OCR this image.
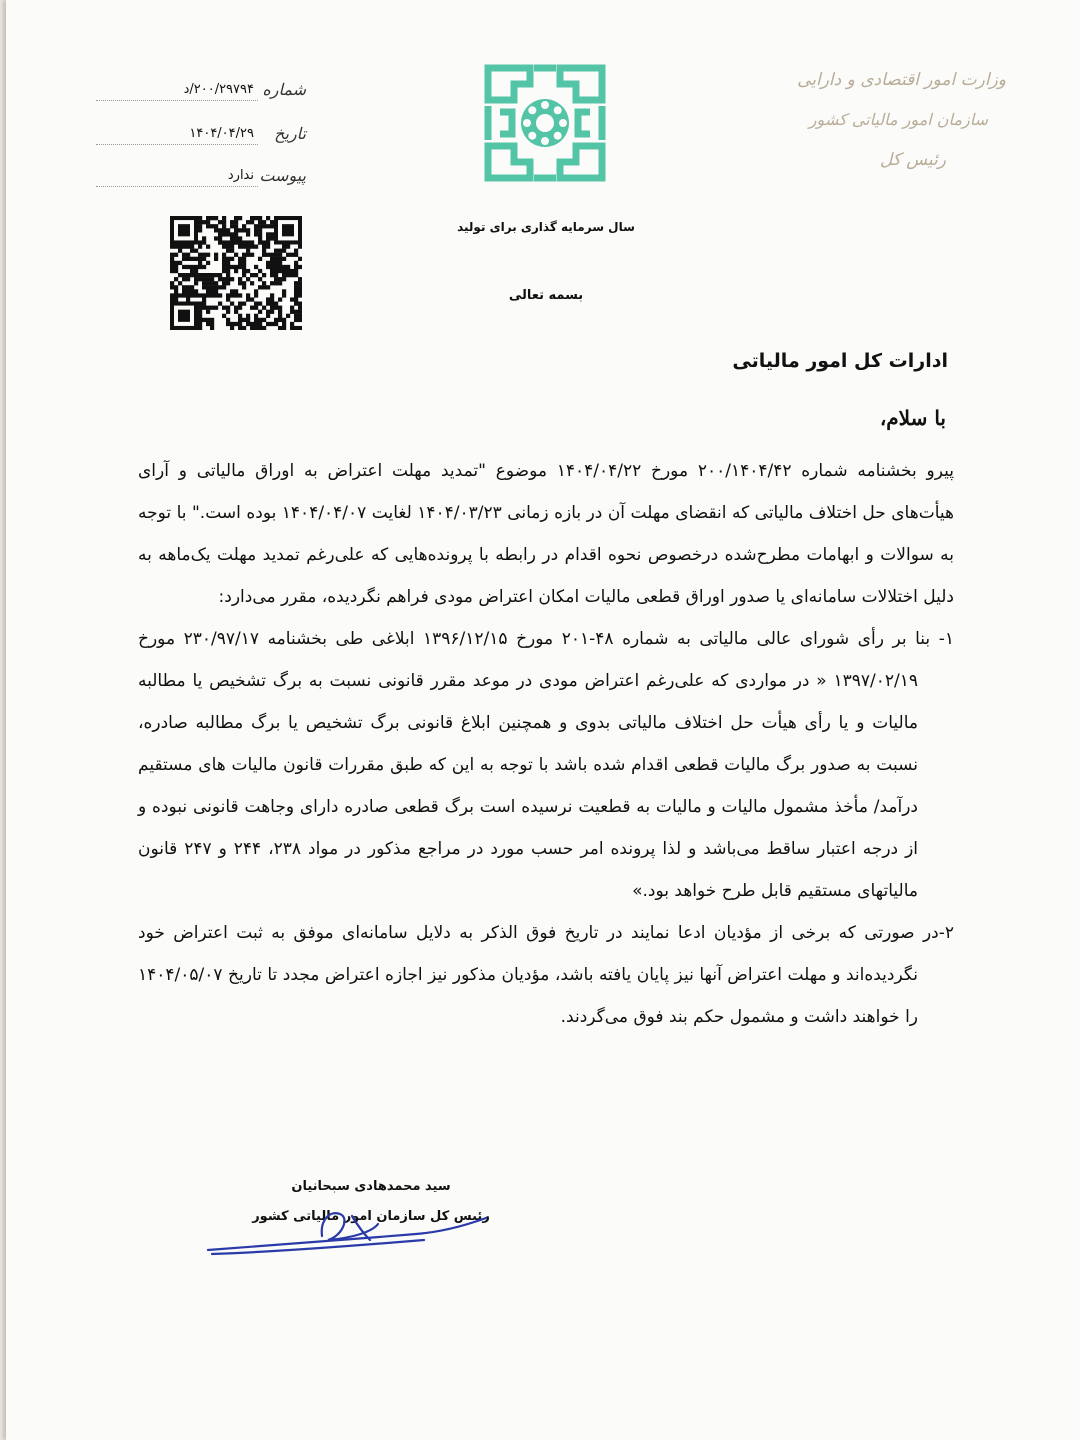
وزارت امور اقتصادی و دارایی
سازمان امور مالیاتی کشور
رئیس کل
شماره
۲۰۰/۲۹۷۹۴/د
تاریخ
۱۴۰۴/۰۴/۲۹
پیوست
ندارد
سال سرمایه گذاری برای تولید
بسمه تعالی
ادارات کل امور مالیاتی
با سلام،

پیرو بخشنامه شماره ۲۰۰/۱۴۰۴/۴۲ مورخ ۱۴۰۴/۰۴/۲۲ موضوع "تمدید مهلت اعتراض به اوراق مالیاتی و آرای هیأت‌های حل اختلاف مالیاتی که انقضای مهلت آن در بازه زمانی ۱۴۰۴/۰۳/۲۳ لغایت ۱۴۰۴/۰۴/۰۷ بوده است." با توجه به سوالات و ابهامات مطرح‌شده درخصوص نحوه اقدام در رابطه با پرونده‌هایی که علی‌رغم تمدید مهلت یک‌ماهه به دلیل اختلالات سامانه‌ای یا صدور اوراق قطعی مالیات امکان اعتراض مودی فراهم نگردیده، مقرر می‌دارد:

۱- بنا بر رأی شورای عالی مالیاتی به شماره ۴۸-۲۰۱ مورخ ۱۳۹۶/۱۲/۱۵ ابلاغی طی بخشنامه ۲۳۰/۹۷/۱۷ مورخ ۱۳۹۷/۰۲/۱۹ « در مواردی که علی‌رغم اعتراض مودی در موعد مقرر قانونی نسبت به برگ تشخیص یا مطالبه مالیات و یا رأی هیأت حل اختلاف مالیاتی بدوی و همچنین ابلاغ قانونی برگ تشخیص یا برگ مطالبه صادره، نسبت به صدور برگ مالیات قطعی اقدام شده باشد با توجه به این که طبق مقررات قانون مالیات های مستقیم درآمد/ مأخذ مشمول مالیات و مالیات به قطعیت نرسیده است برگ قطعی صادره دارای وجاهت قانونی نبوده و از درجه اعتبار ساقط می‌باشد و لذا پرونده امر حسب مورد در مراجع مذکور در مواد ۲۳۸، ۲۴۴ و ۲۴۷ قانون مالیاتهای مستقیم قابل طرح خواهد بود.»

۲-در صورتی که برخی از مؤدیان ادعا نمایند در تاریخ فوق الذکر به دلایل سامانه‌ای موفق به ثبت اعتراض خود نگردیده‌اند و مهلت اعتراض آنها نیز پایان یافته باشد، مؤدیان مذکور نیز اجازه اعتراض مجدد تا تاریخ ۱۴۰۴/۰۵/۰۷ را خواهند داشت و مشمول حکم بند فوق می‌گردند.

سید محمدهادی سبحانیان
رئیس کل سازمان امور مالیاتی کشور
